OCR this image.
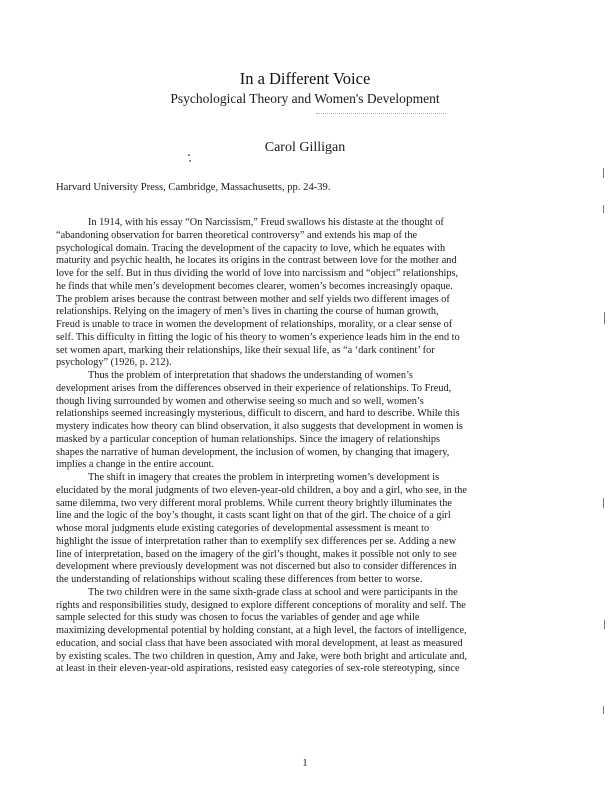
In a Different Voice
Psychological Theory and Women's Development
Carol Gilligan
Harvard University Press, Cambridge, Massachusetts, pp. 24-39.
In 1914, with his essay “On Narcissism,” Freud swallows his distaste at the thought of
“abandoning observation for barren theoretical controversy” and extends his map of the
psychological domain. Tracing the development of the capacity to love, which he equates with
maturity and psychic health, he locates its origins in the contrast between love for the mother and
love for the self. But in thus dividing the world of love into narcissism and “object” relationships,
he finds that while men’s development becomes clearer, women’s becomes increasingly opaque.
The problem arises because the contrast between mother and self yields two different images of
relationships. Relying on the imagery of men’s lives in charting the course of human growth,
Freud is unable to trace in women the development of relationships, morality, or a clear sense of
self. This difficulty in fitting the logic of his theory to women’s experience leads him in the end to
set women apart, marking their relationships, like their sexual life, as “a ‘dark continent’ for
psychology” (1926, p. 212).
Thus the problem of interpretation that shadows the understanding of women’s
development arises from the differences observed in their experience of relationships. To Freud,
though living surrounded by women and otherwise seeing so much and so well, women’s
relationships seemed increasingly mysterious, difficult to discern, and hard to describe. While this
mystery indicates how theory can blind observation, it also suggests that development in women is
masked by a particular conception of human relationships. Since the imagery of relationships
shapes the narrative of human development, the inclusion of women, by changing that imagery,
implies a change in the entire account.
The shift in imagery that creates the problem in interpreting women’s development is
elucidated by the moral judgments of two eleven-year-old children, a boy and a girl, who see, in the
same dilemma, two very different moral problems. While current theory brightly illuminates the
line and the logic of the boy’s thought, it casts scant light on that of the girl. The choice of a girl
whose moral judgments elude existing categories of developmental assessment is meant to
highlight the issue of interpretation rather than to exemplify sex differences per se. Adding a new
line of interpretation, based on the imagery of the girl’s thought, makes it possible not only to see
development where previously development was not discerned but also to consider differences in
the understanding of relationships without scaling these differences from better to worse.
The two children were in the same sixth-grade class at school and were participants in the
rights and responsibilities study, designed to explore different conceptions of morality and self. The
sample selected for this study was chosen to focus the variables of gender and age while
maximizing developmental potential by holding constant, at a high level, the factors of intelligence,
education, and social class that have been associated with moral development, at least as measured
by existing scales. The two children in question, Amy and Jake, were both bright and articulate and,
at least in their eleven-year-old aspirations, resisted easy categories of sex-role stereotyping, since
1
